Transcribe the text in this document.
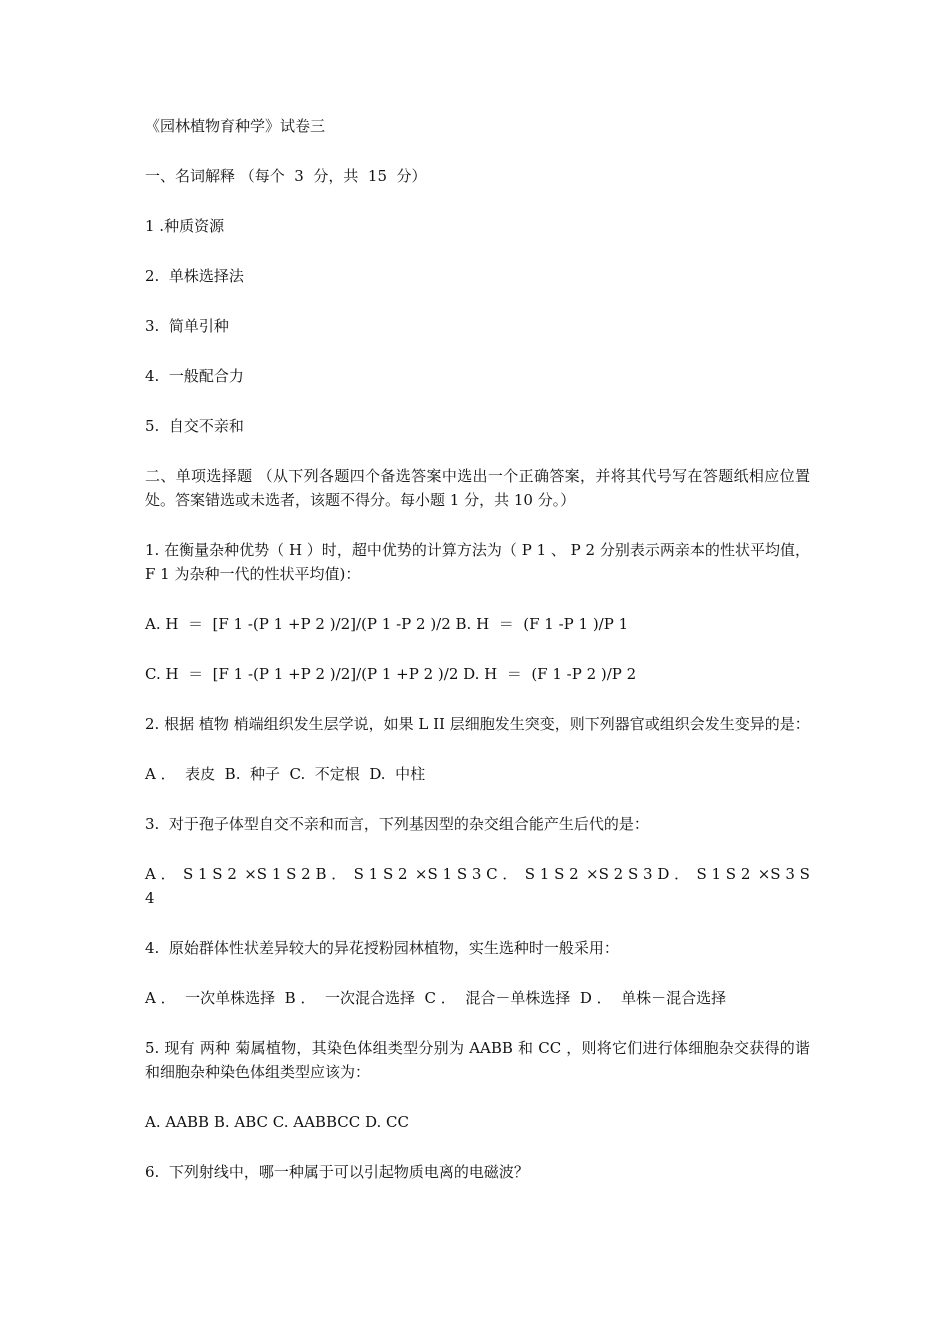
《园林植物育种学》试卷三

一、名词解释 （每个  3  分，共  15  分）

1 .种质资源

2.  单株选择法

3.  简单引种

4.  一般配合力

5.  自交不亲和

二、单项选择题 （从下列各题四个备选答案中选出一个正确答案，并将其代号写在答题纸相应位置处。答案错选或未选者，该题不得分。每小题 1 分，共 10 分。）

1. 在衡量杂种优势（ H ）时，超中优势的计算方法为（ P 1 、 P 2 分别表示两亲本的性状平均值， F 1 为杂种一代的性状平均值)：

A. H  ＝  [F 1 -(P 1 +P 2 )/2]/(P 1 -P 2 )/2 B. H  ＝  (F 1 -P 1 )/P 1

C. H  ＝  [F 1 -(P 1 +P 2 )/2]/(P 1 +P 2 )/2 D. H  ＝  (F 1 -P 2 )/P 2

2. 根据 植物 梢端组织发生层学说，如果 L II 层细胞发生突变，则下列器官或组织会发生变异的是：

A ．  表皮  B.  种子  C.  不定根  D.  中柱

3.  对于孢子体型自交不亲和而言，下列基因型的杂交组合能产生后代的是：

A ． S 1 S 2 ×S 1 S 2 B ． S 1 S 2 ×S 1 S 3 C ． S 1 S 2 ×S 2 S 3 D ． S 1 S 2 ×S 3 S

4

4.  原始群体性状差异较大的异花授粉园林植物，实生选种时一般采用：

A ．  一次单株选择  B ．  一次混合选择  C ．  混合－单株选择  D ．  单株－混合选择

5. 现有 两种 菊属植物，其染色体组类型分别为 AABB 和 CC ，则将它们进行体细胞杂交获得的谐和细胞杂种染色体组类型应该为：

A. AABB B. ABC C. AABBCC D. CC

6.  下列射线中，哪一种属于可以引起物质电离的电磁波？
